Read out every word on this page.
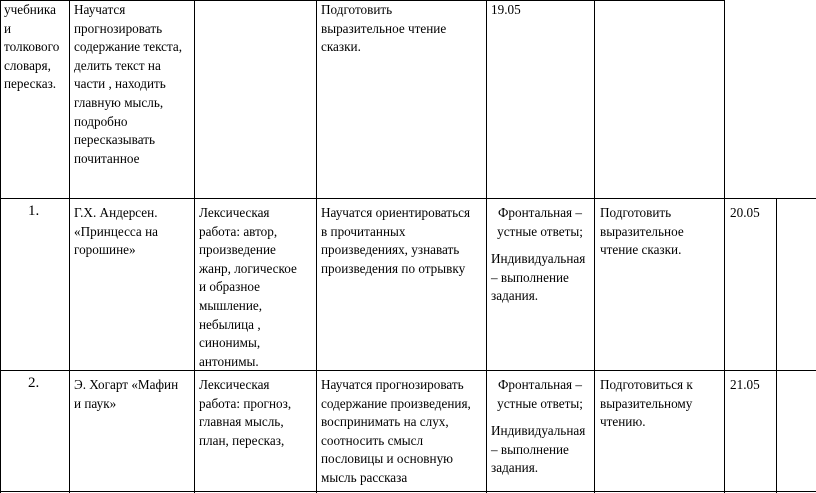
учебника
и
толкового
словаря,
пересказ.
Научатся
прогнозировать
содержание текста,
делить текст на
части , находить
главную мысль,
подробно
пересказывать
почитанное
Подготовить
выразительное чтение
сказки.
19.05
1.	Г.Х. Андерсен.
«Принцесса на
горошине»
Лексическая
работа: автор,
произведение
жанр, логическое
и образное
мышление,
небылица ,
синонимы,
антонимы.
Научатся ориентироваться
в прочитанных
произведениях, узнавать
произведения по отрывку
Фронтальная –
устные ответы;
Индивидуальная
– выполнение
задания.
Подготовить
выразительное
чтение сказки.
20.05
2.	Э. Хогарт «Мафин
и паук»
Лексическая
работа: прогноз,
главная мысль,
план, пересказ,
Научатся прогнозировать
содержание произведения,
воспринимать на слух,
соотносить смысл
пословицы и основную
мысль рассказа
Фронтальная –
устные ответы;
Индивидуальная
– выполнение
задания.
Подготовиться к
выразительному
чтению.
21.05
